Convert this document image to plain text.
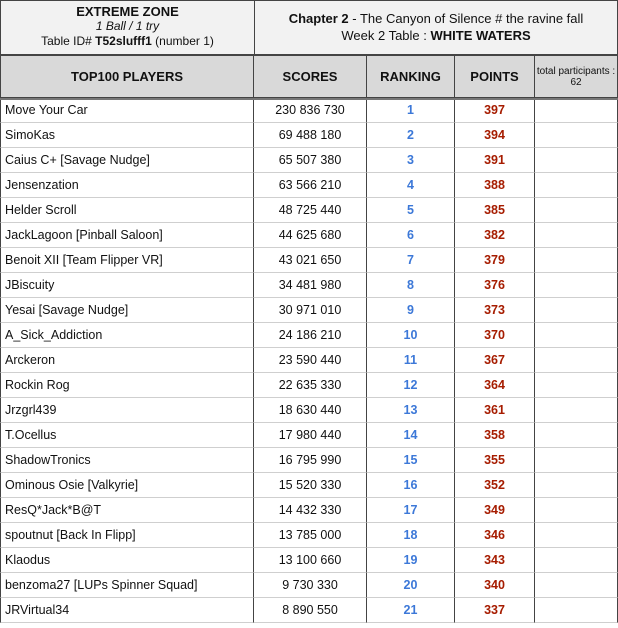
EXTREME ZONE
1 Ball / 1 try
Table ID# T52slufff1 (number 1)
Chapter 2 - The Canyon of Silence # the ravine fall
Week 2 Table : WHITE WATERS
TOP100 PLAYERS	SCORES	RANKING	POINTS	total participants :
62
Move Your Car	230 836 730	1	397
SimoKas	69 488 180	2	394
Caius C+ [Savage Nudge]	65 507 380	3	391
Jensenzation	63 566 210	4	388
Helder Scroll	48 725 440	5	385
JackLagoon [Pinball Saloon]	44 625 680	6	382
Benoit XII [Team Flipper VR]	43 021 650	7	379
JBiscuity	34 481 980	8	376
Yesai [Savage Nudge]	30 971 010	9	373
A_Sick_Addiction	24 186 210	10	370
Arckeron	23 590 440	11	367
Rockin Rog	22 635 330	12	364
Jrzgrl439	18 630 440	13	361
T.Ocellus	17 980 440	14	358
ShadowTronics	16 795 990	15	355
Ominous Osie [Valkyrie]	15 520 330	16	352
ResQ*Jack*B@T	14 432 330	17	349
spoutnut [Back In Flipp]	13 785 000	18	346
Klaodus	13 100 660	19	343
benzoma27 [LUPs Spinner Squad]	9 730 330	20	340
JRVirtual34	8 890 550	21	337
